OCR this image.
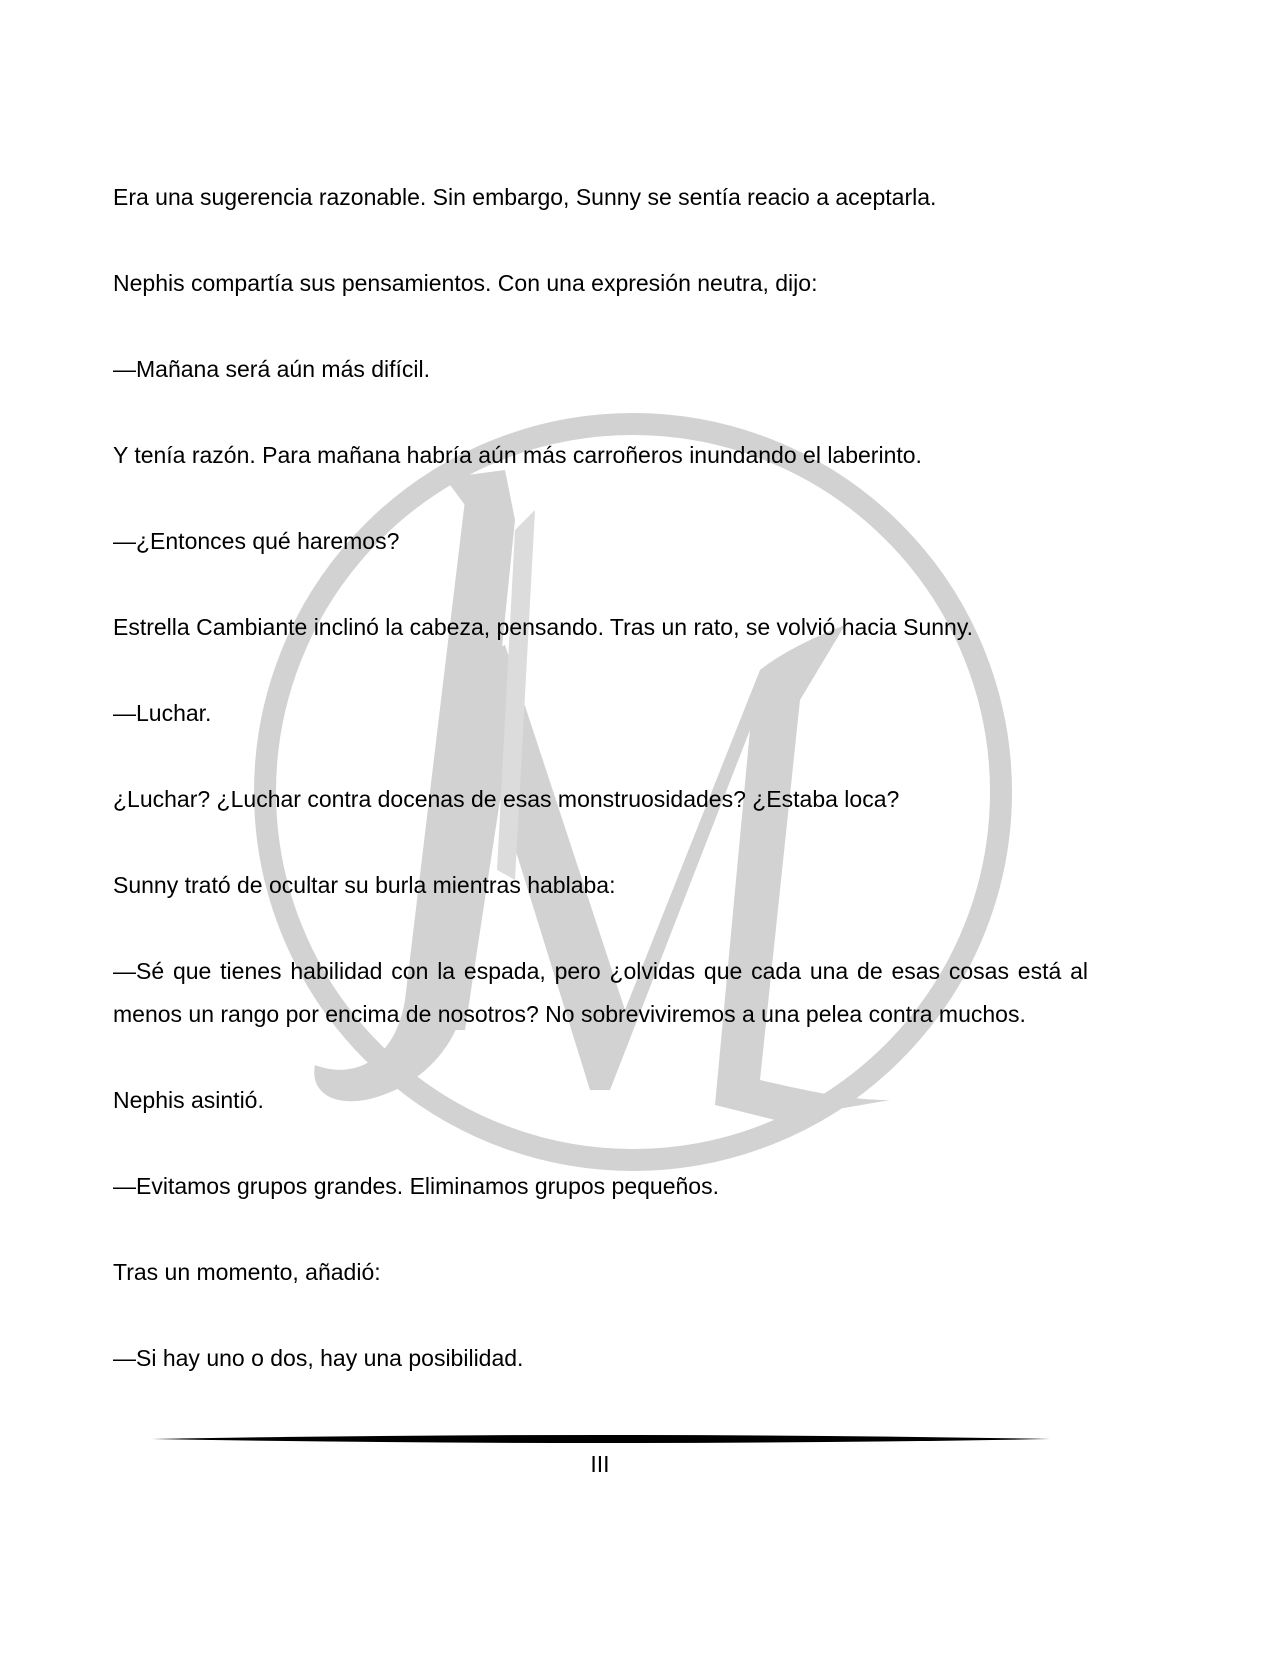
Era una sugerencia razonable. Sin embargo, Sunny se sentía reacio a aceptarla.

Nephis compartía sus pensamientos. Con una expresión neutra, dijo:

—Mañana será aún más difícil.

Y tenía razón. Para mañana habría aún más carroñeros inundando el laberinto.

—¿Entonces qué haremos?

Estrella Cambiante inclinó la cabeza, pensando. Tras un rato, se volvió hacia Sunny.

—Luchar.

¿Luchar? ¿Luchar contra docenas de esas monstruosidades? ¿Estaba loca?

Sunny trató de ocultar su burla mientras hablaba:

—Sé que tienes habilidad con la espada, pero ¿olvidas que cada una de esas cosas está al menos un rango por encima de nosotros? No sobreviviremos a una pelea contra muchos.

Nephis asintió.

—Evitamos grupos grandes. Eliminamos grupos pequeños.

Tras un momento, añadió:

—Si hay uno o dos, hay una posibilidad.

III
